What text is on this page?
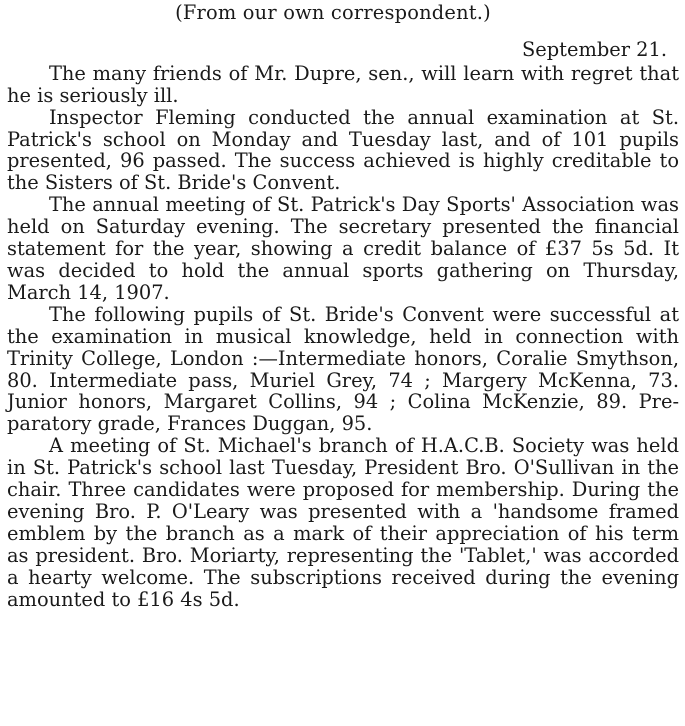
(From our own correspondent.)
September 21.

The many friends of Mr. Dupre, sen., will learn with regret that he is seriously ill.

Inspector Fleming conducted the annual examination at St. Patrick's school on Monday and Tuesday last, and of 101 pupils presented, 96 passed. The success achieved is highly creditable to the Sisters of St. Bride's Convent.

The annual meeting of St. Patrick's Day Sports' Association was held on Saturday evening. The secretary presented the financial statement for the year, showing a credit balance of £37 5s 5d. It was decided to hold the annual sports gathering on Thursday, March 14, 1907.

The following pupils of St. Bride's Convent were successful at the examination in musical knowledge, held in connection with Trinity College, London :—Intermediate honors, Coralie Smythson, 80. Intermediate pass, Muriel Grey, 74 ; Margery McKenna, 73. Junior honors, Margaret Collins, 94 ; Colina McKenzie, 89. Preparatory grade, Frances Duggan, 95.

A meeting of St. Michael's branch of H.A.C.B. Society was held in St. Patrick's school last Tuesday, President Bro. O'Sullivan in the chair. Three candidates were proposed for membership. During the evening Bro. P. O'Leary was presented with a 'handsome framed emblem by the branch as a mark of their appreciation of his term as president. Bro. Moriarty, representing the 'Tablet,' was accorded a hearty welcome. The subscriptions received during the evening amounted to £16 4s 5d.
